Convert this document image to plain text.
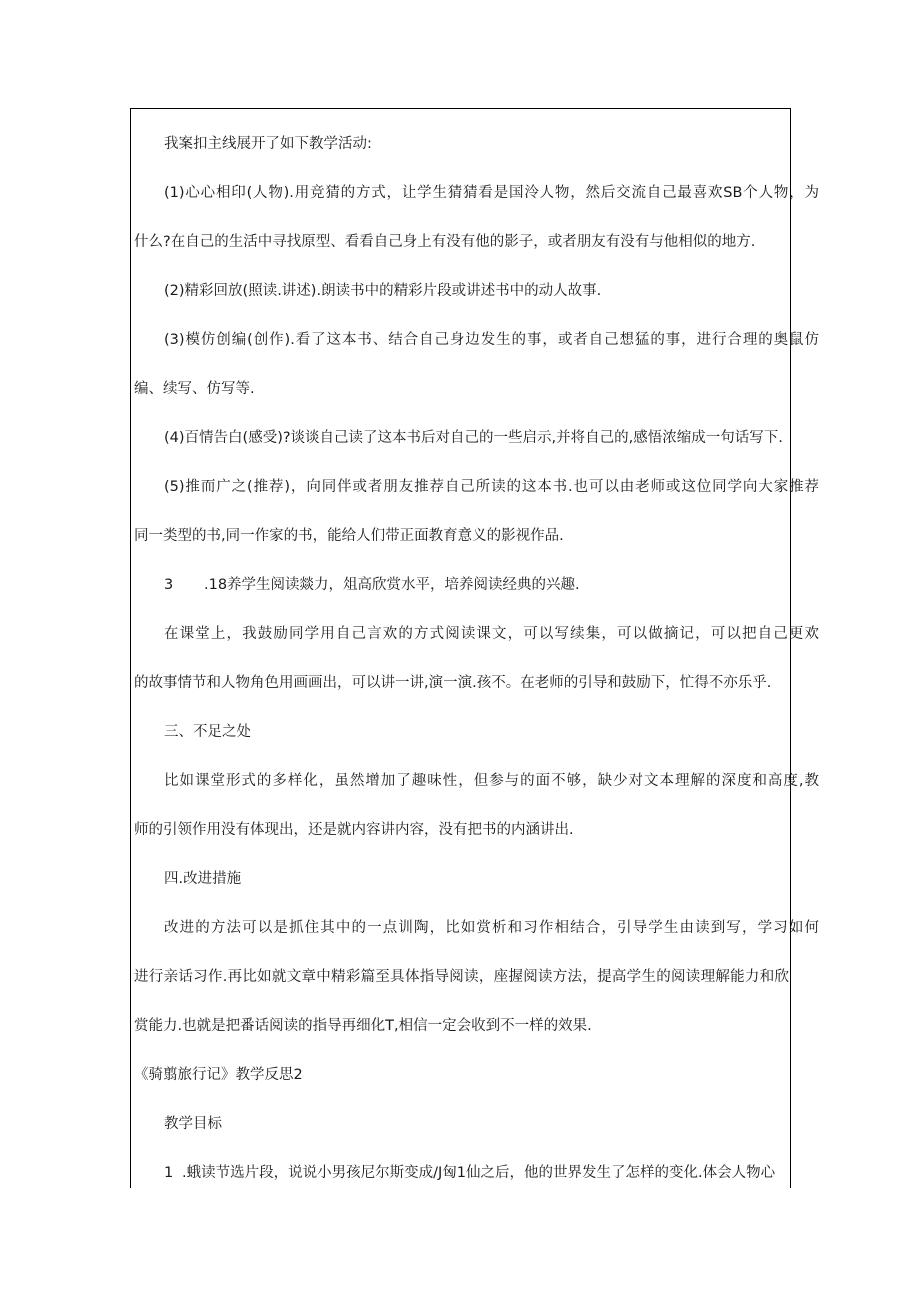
我案扣主线展开了如下教学活动:
(1)心心相印(人物).用竞猜的方式，让学生猜猜看是国泠人物，然后交流自己最喜欢SB个人物，为
什么?在自己的生活中寻找原型、看看自己身上有没有他的影子，或者朋友有没有与他相似的地方.
(2)精彩回放(照读.讲述).朗读书中的精彩片段或讲述书中的动人故事.
(3)模仿创编(创作).看了这本书、结合自己身边发生的事，或者自己想猛的事，进行合理的奥鼠仿
编、续写、仿写等.
(4)百情告白(感受)?谈谈自己读了这本书后对自己的一些启示,并将自己的,感悟浓缩成一句话写下.
(5)推而广之(推荐)，向同伴或者朋友推荐自己所读的这本书.也可以由老师或这位同学向大家推荐
同一类型的书,同一作家的书，能给人们带正面教育意义的影视作品.
3 .18养学生阅读燚力，俎高欣赏水平，培养阅读经典的兴趣.
在课堂上，我鼓励同学用自己言欢的方式阅读课文，可以写续集，可以做摘记，可以把自己更欢
的故事情节和人物角色用画画出，可以讲一讲,演一演.孩不。在老师的引导和鼓励下，忙得不亦乐乎.
三、不足之处
比如课堂形式的多样化，虽然增加了趣味性，但参与的面不够，缺少对文本理解的深度和高度,教
师的引领作用没有体现出，还是就内容讲内容，没有把书的内涵讲出.
四.改进措施
改进的方法可以是抓住其中的一点训陶，比如赏析和习作相结合，引导学生由读到写，学习如何
进行亲话习作.再比如就文章中精彩篇至具体指导阅读，座握阅读方法，提高学生的阅读理解能力和欣
赏能力.也就是把番话阅读的指导再细化T,相信一定会收到不一样的效果.
《骑翦旅行记》教学反思2
教学目标
1 .蛾读节选片段，说说小男孩尼尔斯变成/J匈1仙之后，他的世界发生了怎样的变化.体会人物心
